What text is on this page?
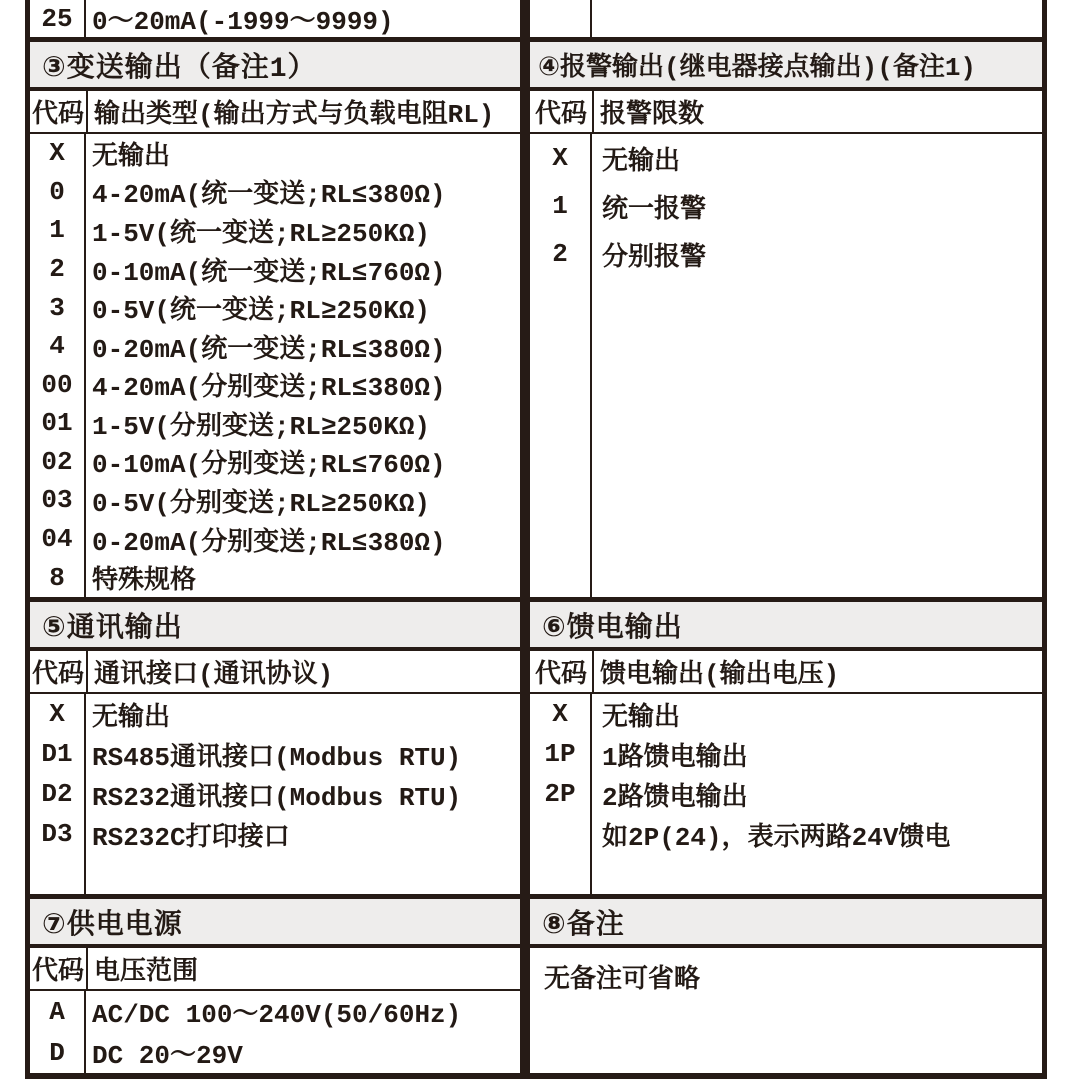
25 0～20mA(-1999～9999)
③变送输出（备注1）
代码 输出类型(输出方式与负载电阻RL)
X
0
1
2
3
4
00
01
02
03
04
8
无输出
4-20mA(统一变送;RL≤380Ω)
1-5V(统一变送;RL≥250KΩ)
0-10mA(统一变送;RL≤760Ω)
0-5V(统一变送;RL≥250KΩ)
0-20mA(统一变送;RL≤380Ω)
4-20mA(分别变送;RL≤380Ω)
1-5V(分别变送;RL≥250KΩ)
0-10mA(分别变送;RL≤760Ω)
0-5V(分别变送;RL≥250KΩ)
0-20mA(分别变送;RL≤380Ω)
特殊规格
⑤通讯输出
代码 通讯接口(通讯协议)
X
D1
D2
D3
无输出
RS485通讯接口(Modbus RTU)
RS232通讯接口(Modbus RTU)
RS232C打印接口
⑦供电电源
代码 电压范围
A
D
AC/DC 100～240V(50/60Hz)
DC 20～29V
④报警输出(继电器接点输出)(备注1)
代码 报警限数
X
1
2
无输出
统一报警
分别报警
⑥馈电输出
代码 馈电输出(输出电压)
X
1P
2P
无输出
1路馈电输出
2路馈电输出
如2P(24)，表示两路24V馈电
⑧备注
无备注可省略
